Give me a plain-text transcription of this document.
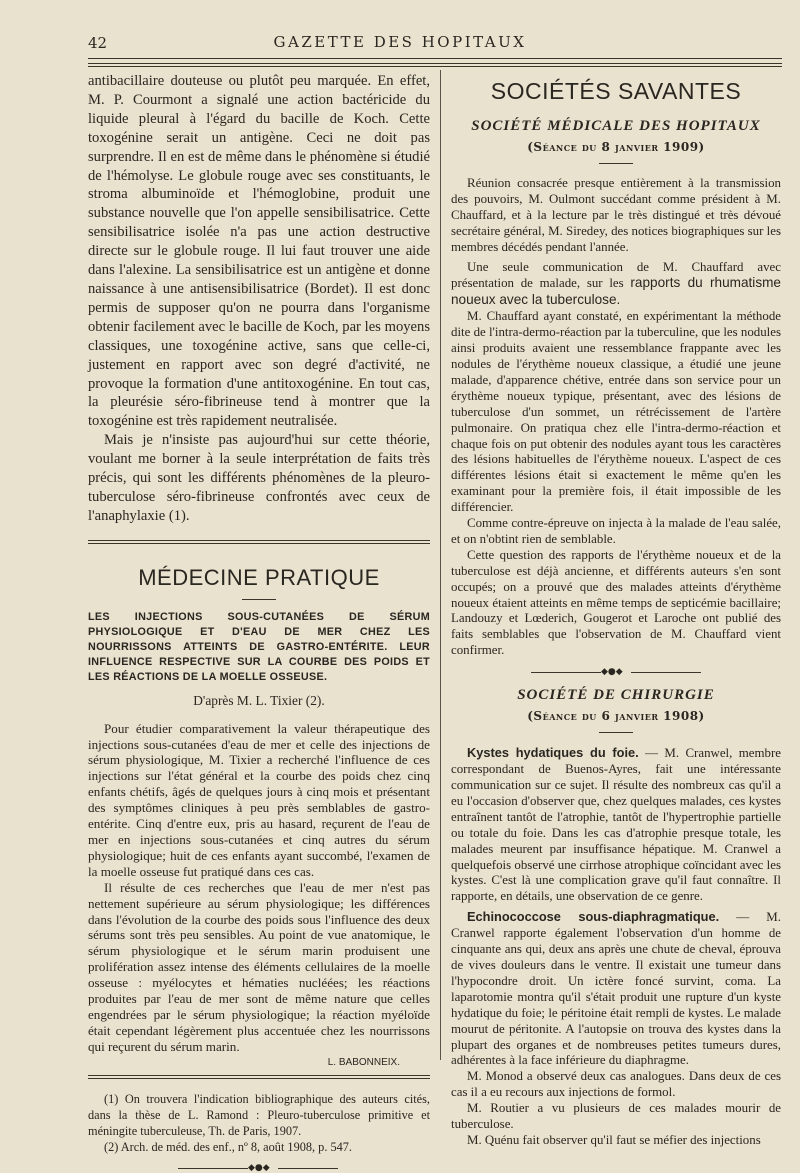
42	GAZETTE DES HOPITAUX

antibacillaire douteuse ou plutôt peu marquée. En effet, M. P. Courmont a signalé une action bactéricide du liquide pleural à l'égard du bacille de Koch. Cette toxogénine serait un antigène. Ceci ne doit pas surprendre. Il en est de même dans le phénomène si étudié de l'hémolyse. Le globule rouge avec ses constituants, le stroma albuminoïde et l'hémoglobine, produit une substance nouvelle que l'on appelle sensibilisatrice. Cette sensibilisatrice isolée n'a pas une action destructive directe sur le globule rouge. Il lui faut trouver une aide dans l'alexine. La sensibilisatrice est un antigène et donne naissance à une antisensibilisatrice (Bordet). Il est donc permis de supposer qu'on ne pourra dans l'organisme obtenir facilement avec le bacille de Koch, par les moyens classiques, une toxogénine active, sans que celle-ci, justement en rapport avec son degré d'activité, ne provoque la formation d'une antitoxogénine. En tout cas, la pleurésie séro-fibrineuse tend à montrer que la toxogénine est très rapidement neutralisée.

Mais je n'insiste pas aujourd'hui sur cette théorie, voulant me borner à la seule interprétation de faits très précis, qui sont les différents phénomènes de la pleuro-tuberculose séro-fibrineuse confrontés avec ceux de l'anaphylaxie (1).

MÉDECINE PRATIQUE

LES INJECTIONS SOUS-CUTANÉES DE SÉRUM PHYSIOLOGIQUE ET D'EAU DE MER CHEZ LES NOURRISSONS ATTEINTS DE GASTRO-ENTÉRITE. LEUR INFLUENCE RESPECTIVE SUR LA COURBE DES POIDS ET LES RÉACTIONS DE LA MOELLE OSSEUSE.

D'après M. L. Tixier (2).

Pour étudier comparativement la valeur thérapeutique des injections sous-cutanées d'eau de mer et celle des injections de sérum physiologique, M. Tixier a recherché l'influence de ces injections sur l'état général et la courbe des poids chez cinq enfants chétifs, âgés de quelques jours à cinq mois et présentant des symptômes cliniques à peu près semblables de gastro-entérite. Cinq d'entre eux, pris au hasard, reçurent de l'eau de mer en injections sous-cutanées et cinq autres du sérum physiologique; huit de ces enfants ayant succombé, l'examen de la moelle osseuse fut pratiqué dans ces cas.

Il résulte de ces recherches que l'eau de mer n'est pas nettement supérieure au sérum physiologique; les différences dans l'évolution de la courbe des poids sous l'influence des deux sérums sont très peu sensibles. Au point de vue anatomique, le sérum physiologique et le sérum marin produisent une prolifération assez intense des éléments cellulaires de la moelle osseuse : myélocytes et hématies nucléées; les réactions produites par l'eau de mer sont de même nature que celles engendrées par le sérum physiologique; la réaction myéloïde était cependant légèrement plus accentuée chez les nourrissons qui reçurent du sérum marin.

L. BABONNEIX.

(1) On trouvera l'indication bibliographique des auteurs cités, dans la thèse de L. Ramond : Pleuro-tuberculose primitive et méningite tuberculeuse, Th. de Paris, 1907.

(2) Arch. de méd. des enf., nº 8, août 1908, p. 547.

◆●◆
SOCIÉTÉS SAVANTES
SOCIÉTÉ MÉDICALE DES HOPITAUX

(Séance du 8 janvier 1909)

Réunion consacrée presque entièrement à la transmission des pouvoirs, M. Oulmont succédant comme président à M. Chauffard, et à la lecture par le très distingué et très dévoué secrétaire général, M. Siredey, des notices biographiques sur les membres décédés pendant l'année.

Une seule communication de M. Chauffard avec présentation de malade, sur les rapports du rhumatisme noueux avec la tuberculose.

M. Chauffard ayant constaté, en expérimentant la méthode dite de l'intra-dermo-réaction par la tuberculine, que les nodules ainsi produits avaient une ressemblance frappante avec les nodules de l'érythème noueux classique, a étudié une jeune malade, d'apparence chétive, entrée dans son service pour un érythème noueux typique, présentant, avec des lésions de tuberculose d'un sommet, un rétrécissement de l'artère pulmonaire. On pratiqua chez elle l'intra-dermo-réaction et chaque fois on put obtenir des nodules ayant tous les caractères des lésions habituelles de l'érythème noueux. L'aspect de ces différentes lésions était si exactement le même qu'en les examinant pour la première fois, il était impossible de les différencier.

Comme contre-épreuve on injecta à la malade de l'eau salée, et on n'obtint rien de semblable.

Cette question des rapports de l'érythème noueux et de la tuberculose est déjà ancienne, et différents auteurs s'en sont occupés; on a prouvé que des malades atteints d'érythème noueux étaient atteints en même temps de septicémie bacillaire; Landouzy et Lœderich, Gougerot et Laroche ont publié des faits semblables que l'observation de M. Chauffard vient confirmer.

◆●◆
SOCIÉTÉ DE CHIRURGIE

(Séance du 6 janvier 1908)

Kystes hydatiques du foie. — M. Cranwel, membre correspondant de Buenos-Ayres, fait une intéressante communication sur ce sujet. Il résulte des nombreux cas qu'il a eu l'occasion d'observer que, chez quelques malades, ces kystes entraînent tantôt de l'atrophie, tantôt de l'hypertrophie partielle ou totale du foie. Dans les cas d'atrophie presque totale, les malades meurent par insuffisance hépatique. M. Cranwel a quelquefois observé une cirrhose atrophique coïncidant avec les kystes. C'est là une complication grave qu'il faut connaître. Il rapporte, en détails, une observation de ce genre.

Echinococcose sous-diaphragmatique. — M. Cranwel rapporte également l'observation d'un homme de cinquante ans qui, deux ans après une chute de cheval, éprouva de vives douleurs dans le ventre. Il existait une tumeur dans l'hypocondre droit. Un ictère foncé survint, coma. La laparotomie montra qu'il s'était produit une rupture d'un kyste hydatique du foie; le péritoine était rempli de kystes. Le malade mourut de péritonite. A l'autopsie on trouva des kystes dans la plupart des organes et de nombreuses petites tumeurs dures, adhérentes à la face inférieure du diaphragme.

M. Monod a observé deux cas analogues. Dans deux de ces cas il a eu recours aux injections de formol.

M. Routier a vu plusieurs de ces malades mourir de tuberculose.

M. Quénu fait observer qu'il faut se méfier des injections
